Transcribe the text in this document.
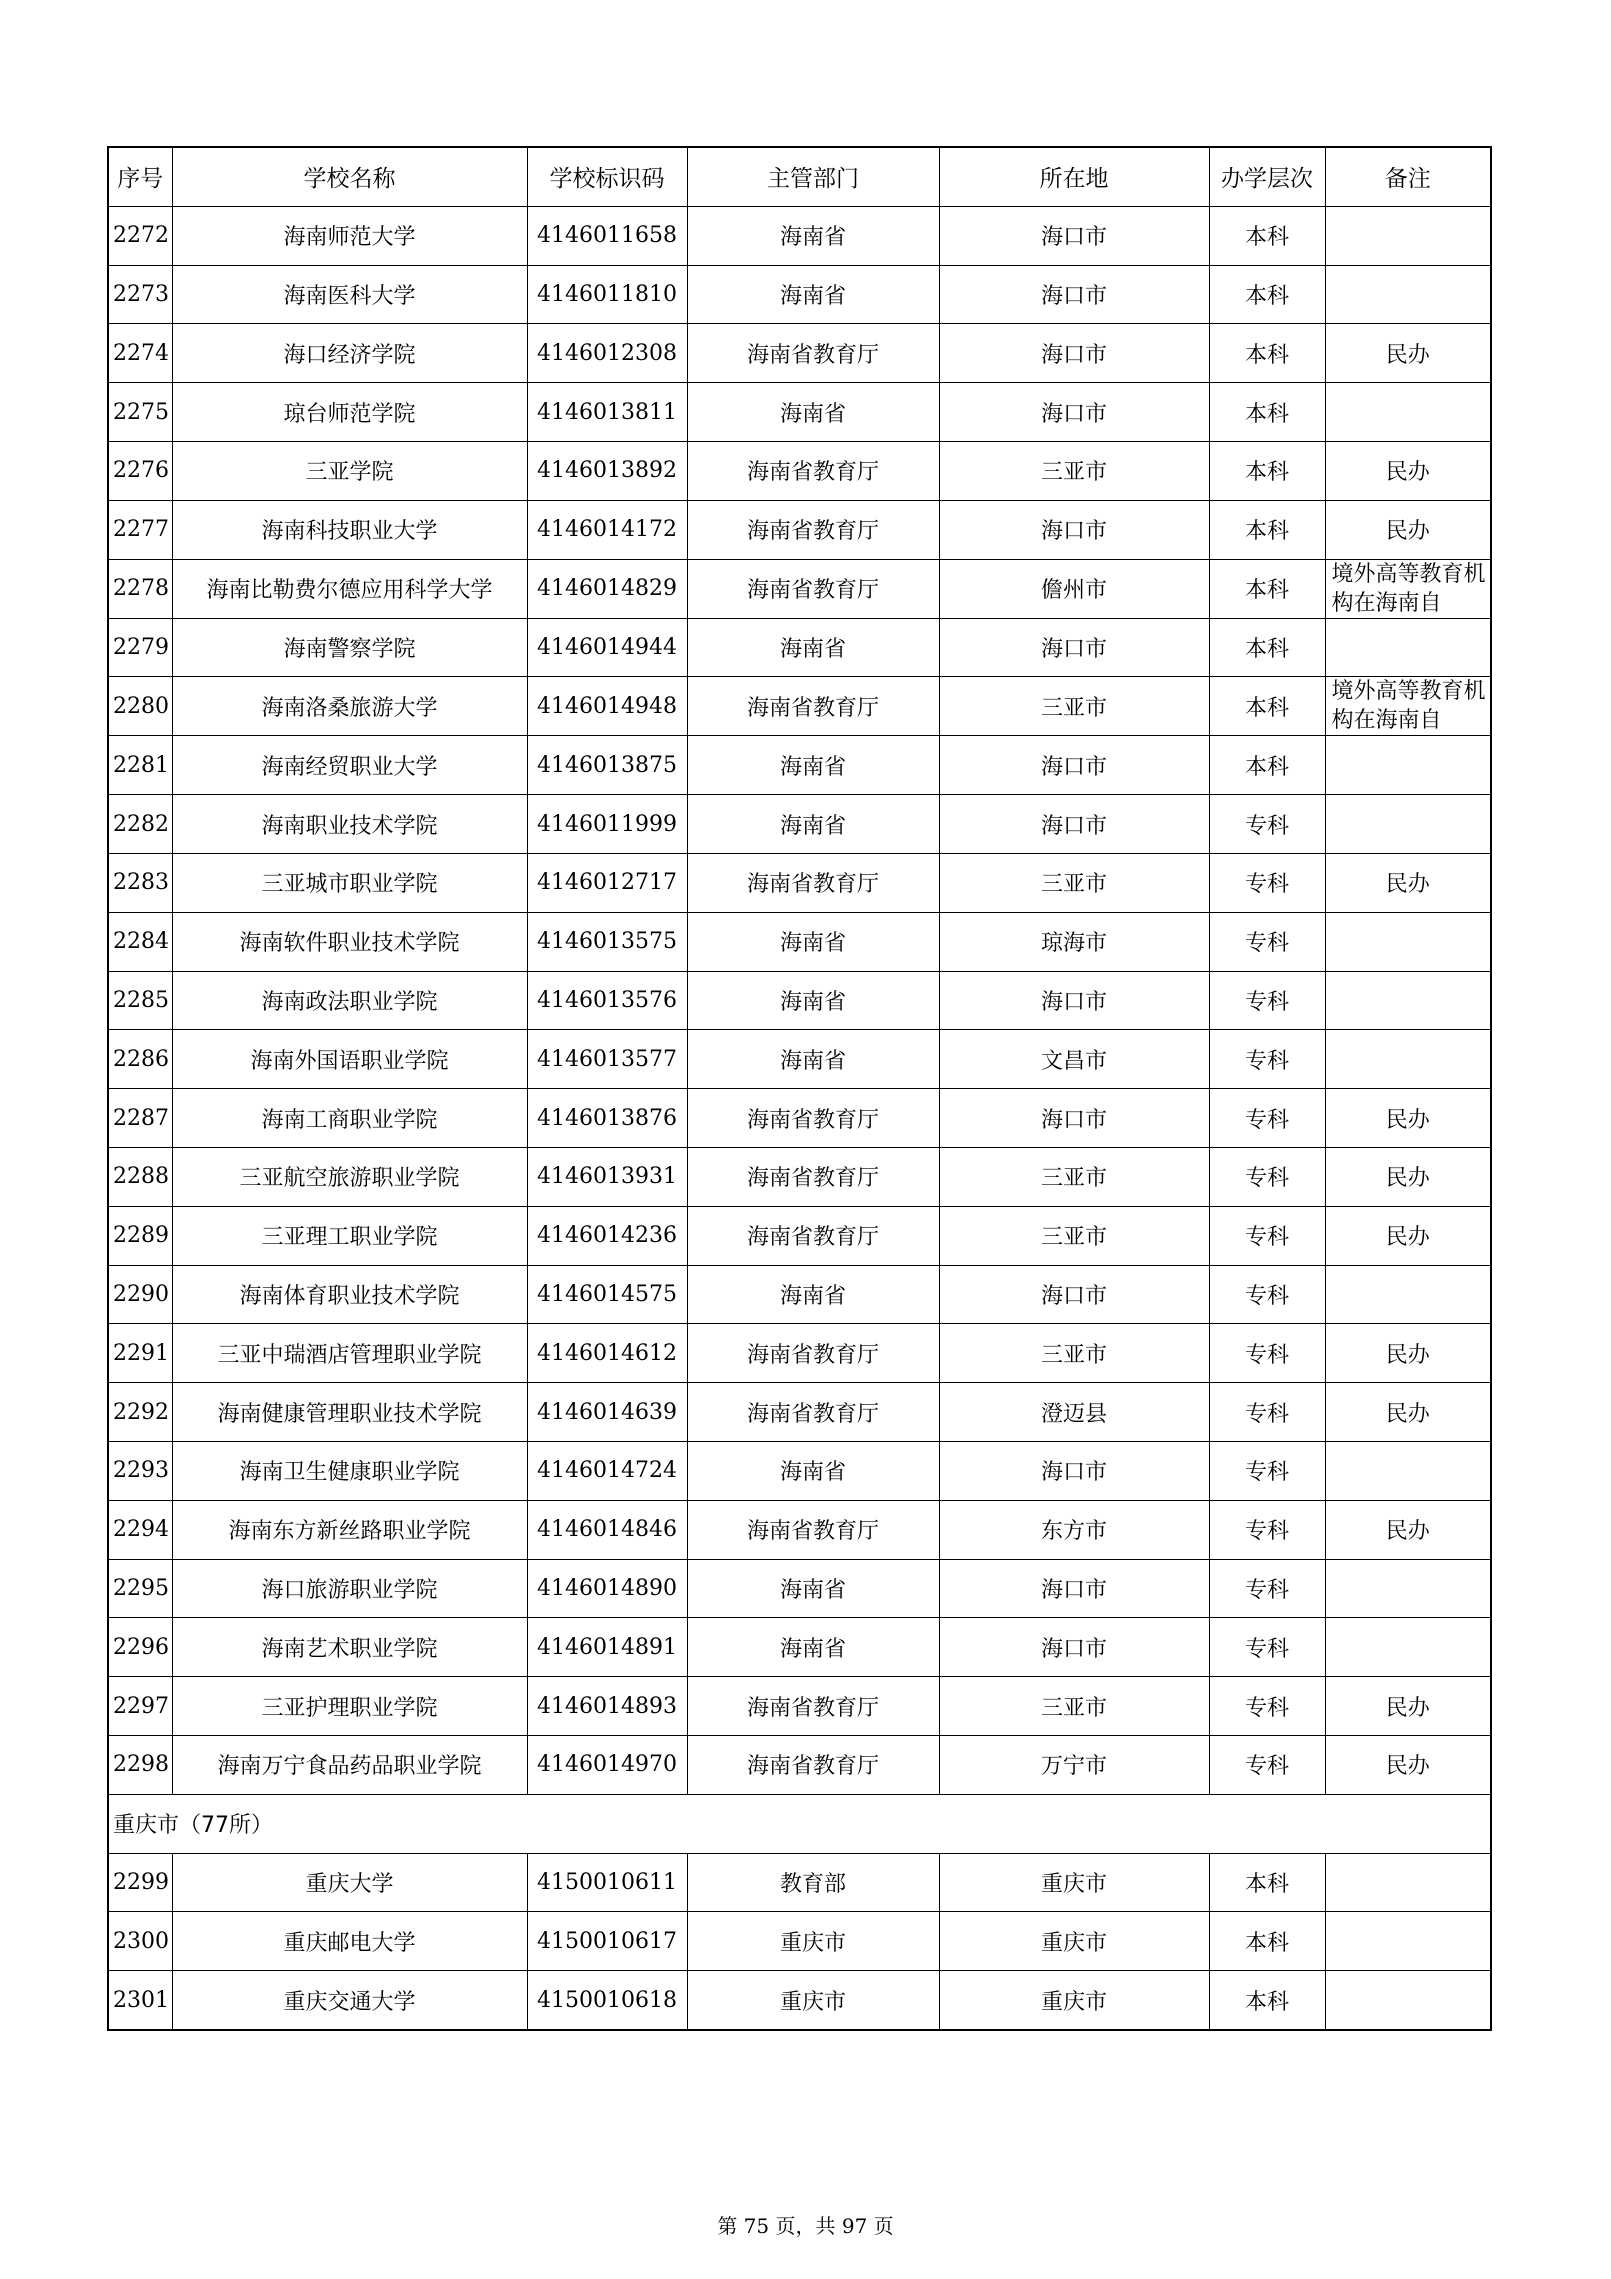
序号	学校名称	学校标识码	主管部门	所在地	办学层次	备注
2272	海南师范大学	4146011658	海南省	海口市	本科	
2273	海南医科大学	4146011810	海南省	海口市	本科	
2274	海口经济学院	4146012308	海南省教育厅	海口市	本科	民办
2275	琼台师范学院	4146013811	海南省	海口市	本科	
2276	三亚学院	4146013892	海南省教育厅	三亚市	本科	民办
2277	海南科技职业大学	4146014172	海南省教育厅	海口市	本科	民办
2278	海南比勒费尔德应用科学大学	4146014829	海南省教育厅	儋州市	本科	境外高等教育机构在海南自

2279	海南警察学院	4146014944	海南省	海口市	本科	
2280	海南洛桑旅游大学	4146014948	海南省教育厅	三亚市	本科	境外高等教育机构在海南自

2281	海南经贸职业大学	4146013875	海南省	海口市	本科	
2282	海南职业技术学院	4146011999	海南省	海口市	专科	
2283	三亚城市职业学院	4146012717	海南省教育厅	三亚市	专科	民办
2284	海南软件职业技术学院	4146013575	海南省	琼海市	专科	
2285	海南政法职业学院	4146013576	海南省	海口市	专科	
2286	海南外国语职业学院	4146013577	海南省	文昌市	专科	
2287	海南工商职业学院	4146013876	海南省教育厅	海口市	专科	民办
2288	三亚航空旅游职业学院	4146013931	海南省教育厅	三亚市	专科	民办
2289	三亚理工职业学院	4146014236	海南省教育厅	三亚市	专科	民办
2290	海南体育职业技术学院	4146014575	海南省	海口市	专科	
2291	三亚中瑞酒店管理职业学院	4146014612	海南省教育厅	三亚市	专科	民办
2292	海南健康管理职业技术学院	4146014639	海南省教育厅	澄迈县	专科	民办
2293	海南卫生健康职业学院	4146014724	海南省	海口市	专科	
2294	海南东方新丝路职业学院	4146014846	海南省教育厅	东方市	专科	民办
2295	海口旅游职业学院	4146014890	海南省	海口市	专科	
2296	海南艺术职业学院	4146014891	海南省	海口市	专科	
2297	三亚护理职业学院	4146014893	海南省教育厅	三亚市	专科	民办
2298	海南万宁食品药品职业学院	4146014970	海南省教育厅	万宁市	专科	民办
重庆市（77所）						
2299	重庆大学	4150010611	教育部	重庆市	本科	
2300	重庆邮电大学	4150010617	重庆市	重庆市	本科	
2301	重庆交通大学	4150010618	重庆市	重庆市	本科	
第 75 页，共 97 页
